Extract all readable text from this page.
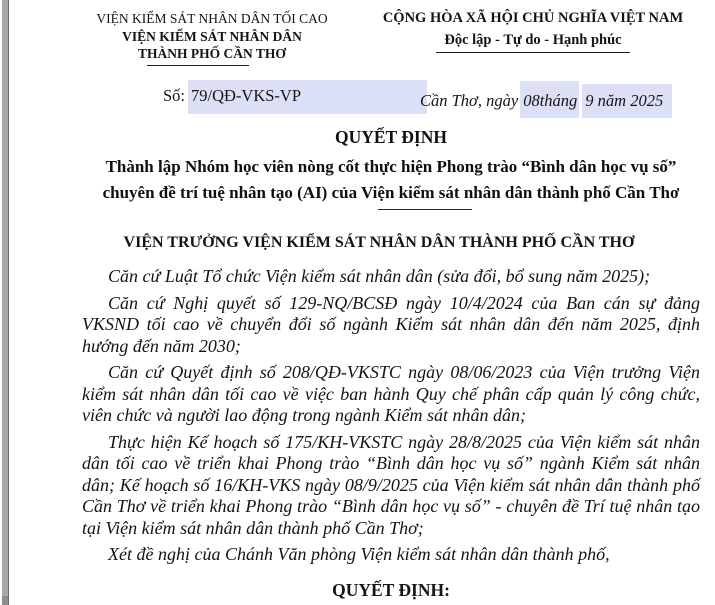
VIỆN KIỂM SÁT NHÂN DÂN TỐI CAO
VIỆN KIỂM SÁT NHÂN DÂN
THÀNH PHỐ CẦN THƠ
CỘNG HÒA XÃ HỘI CHỦ NGHĨA VIỆT NAM
Độc lập - Tự do - Hạnh phúc
Số: 79/QĐ-VKS-VP	Cần Thơ, ngày 08tháng 9 năm 2025
QUYẾT ĐỊNH
Thành lập Nhóm học viên nòng cốt thực hiện Phong trào “Bình dân học vụ số”
chuyên đề trí tuệ nhân tạo (AI) của Viện kiểm sát nhân dân thành phố Cần Thơ
VIỆN TRƯỞNG VIỆN KIỂM SÁT NHÂN DÂN THÀNH PHỐ CẦN THƠ

Căn cứ Luật Tổ chức Viện kiểm sát nhân dân (sửa đổi, bổ sung năm 2025);

Căn cứ Nghị quyết số 129-NQ/BCSĐ ngày 10/4/2024 của Ban cán sự đảng VKSND tối cao về chuyển đổi số ngành Kiểm sát nhân dân đến năm 2025, định hướng đến năm 2030;

Căn cứ Quyết định số 208/QĐ-VKSTC ngày 08/06/2023 của Viện trưởng Viện kiểm sát nhân dân tối cao về việc ban hành Quy chế phân cấp quản lý công chức, viên chức và người lao động trong ngành Kiểm sát nhân dân;

Thực hiện Kế hoạch số 175/KH-VKSTC ngày 28/8/2025 của Viện kiểm sát nhân dân tối cao về triển khai Phong trào “Bình dân học vụ số” ngành Kiểm sát nhân dân; Kế hoạch số 16/KH-VKS ngày 08/9/2025 của Viện kiểm sát nhân dân thành phố Cần Thơ về triển khai Phong trào “Bình dân học vụ số” - chuyên đề Trí tuệ nhân tạo tại Viện kiểm sát nhân dân thành phố Cần Thơ;

Xét đề nghị của Chánh Văn phòng Viện kiểm sát nhân dân thành phố,

QUYẾT ĐỊNH:
